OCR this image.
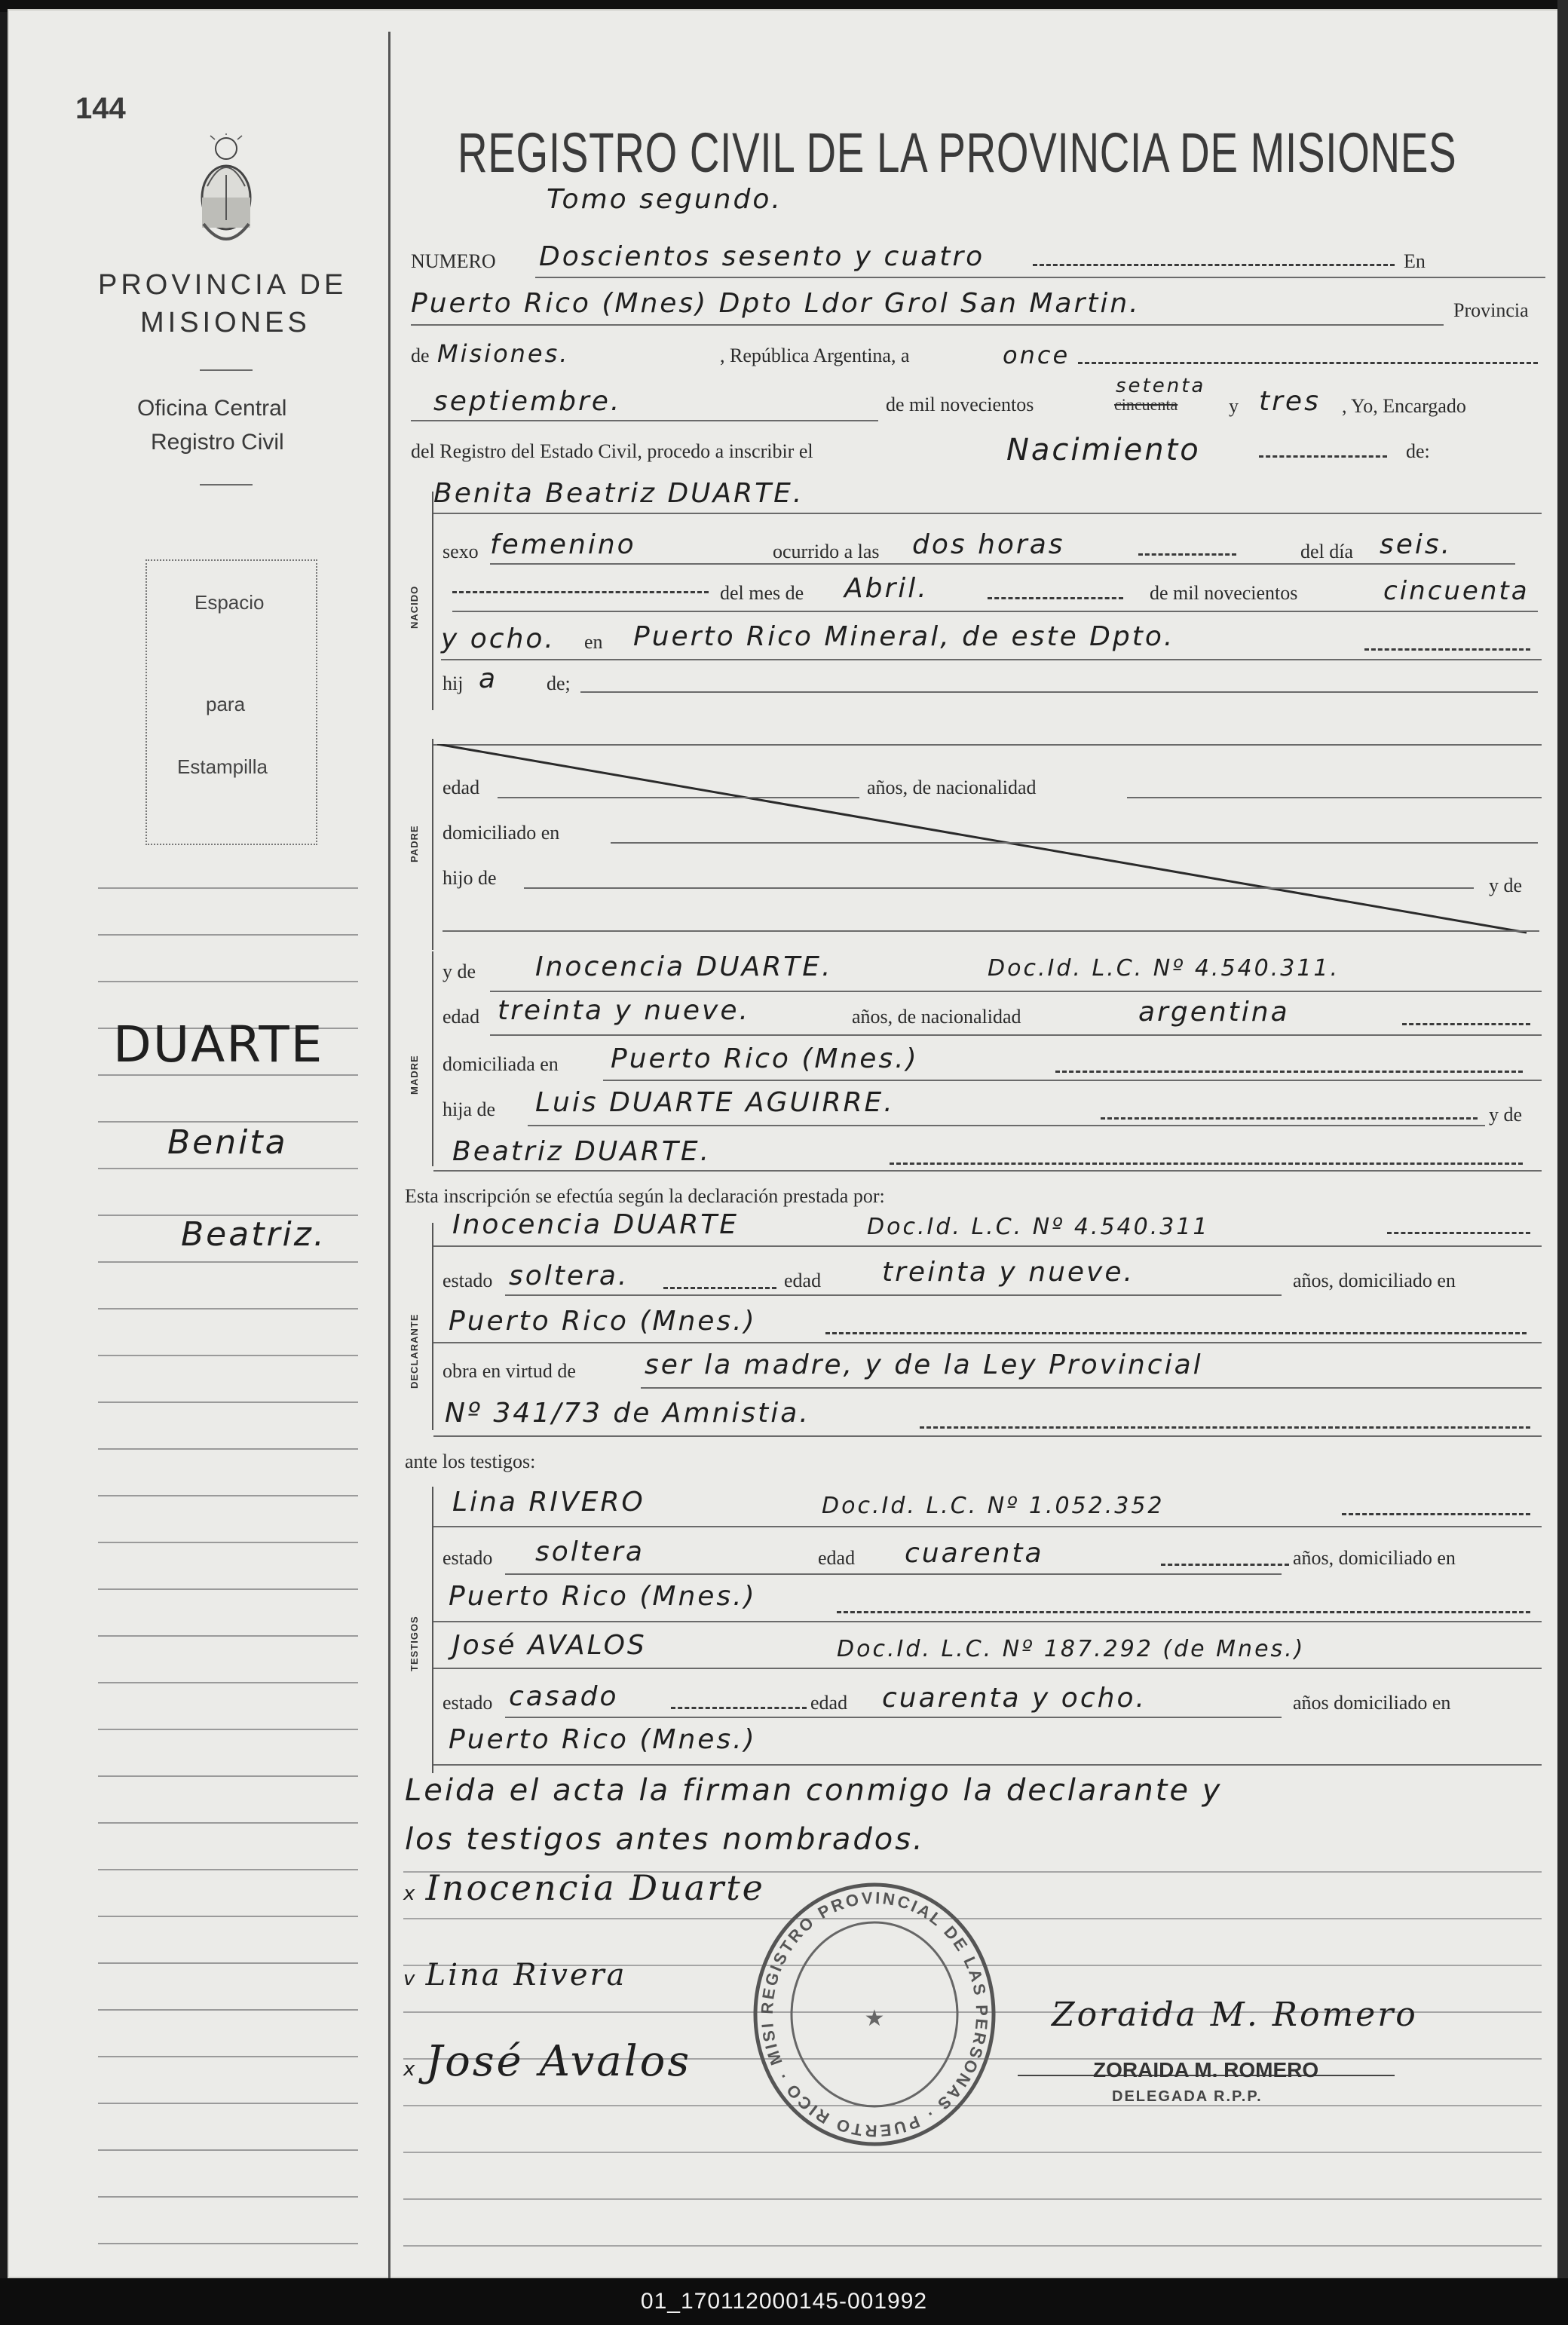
144
PROVINCIA DE
MISIONES
Oficina Central
Registro Civil
Espacio
para
Estampilla
DUARTE
Benita
Beatriz.
REGISTRO CIVIL DE LA PROVINCIA DE MISIONES
Tomo segundo.
NUMERO Doscientos sesento y cuatro	En
Puerto Rico (Mnes) Dpto Ldor Grol San Martin.	Provincia
de Misiones.	, República Argentina, a	once
septiembre.	de mil novecientos
setenta
cincuenta	y tres , Yo, Encargado
del Registro del Estado Civil, procedo a inscribir el	Nacimiento	de:
NACIDO
Benita Beatriz DUARTE.
sexo femenino	ocurrido a las dos horas	del día seis.
del mes de Abril.	de mil novecientos	cincuenta
y ocho. en Puerto Rico Mineral, de este Dpto.
hij a de;
PADRE
edad	años, de nacionalidad
domiciliado en
hijo de	y de
MADRE
y de Inocencia DUARTE.	Doc.Id. L.C. Nº 4.540.311.
edad treinta y nueve.	años, de nacionalidad	argentina
domiciliada en Puerto Rico (Mnes.)
hija de Luis DUARTE AGUIRRE.	y de
Beatriz DUARTE.
Esta inscripción se efectúa según la declaración prestada por:
DECLARANTE
Inocencia DUARTE	Doc.Id. L.C. Nº 4.540.311
estado soltera.	edad treinta y nueve.	años, domiciliado en
Puerto Rico (Mnes.)
obra en virtud de	ser la madre, y de la Ley Provincial
Nº 341/73 de Amnistia.
ante los testigos:
TESTIGOS
Lina RIVERO	Doc.Id. L.C. Nº 1.052.352
estado soltera	edad cuarenta	años, domiciliado en
Puerto Rico (Mnes.)
José AVALOS	Doc.Id. L.C. Nº 187.292 (de Mnes.)
estado casado	edad cuarenta y ocho.	años domiciliado en
Puerto Rico (Mnes.)
Leida el acta la firman conmigo la declarante y
los testigos antes nombrados.
x Inocencia Duarte
v Lina Rivera
x José Avalos
REGISTRO PROVINCIAL DE LAS PERSONAS · PUERTO RICO · MISI	★	Zoraida M. Romero
ZORAIDA M. ROMERO
DELEGADA R.P.P.
01_170112000145-001992
